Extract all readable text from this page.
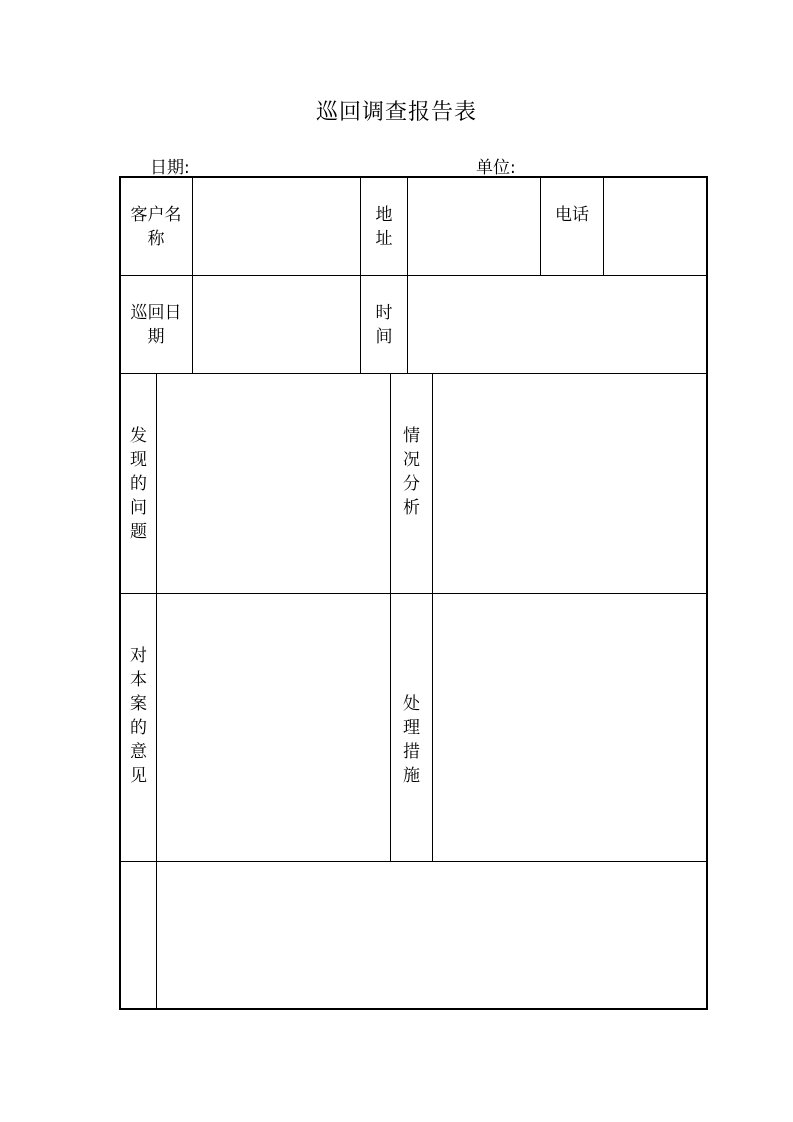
巡回调查报告表
日期:	单位:
客户名称
地址
电话
巡回日期
时间
发现的问题
情况分析
对本案的意见
处理措施
